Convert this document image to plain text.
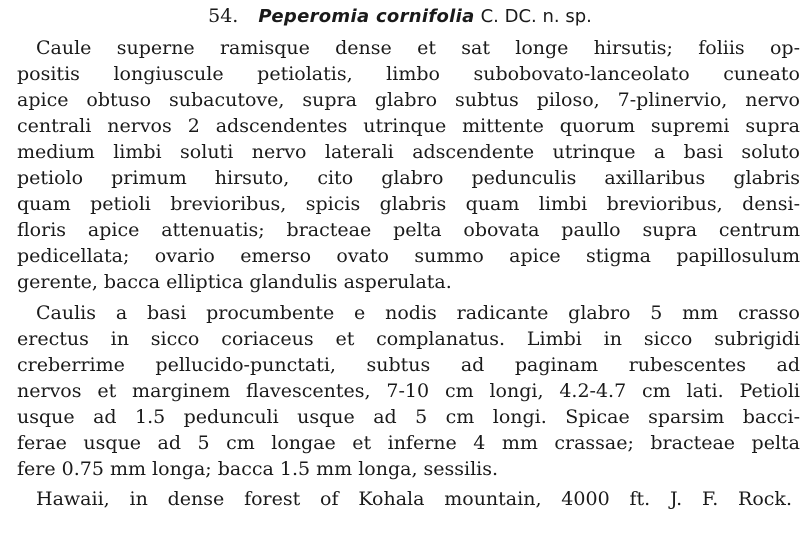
54. Peperomia cornifolia C. DC. n. sp.
Caule superne ramisque dense et sat longe hirsutis; foliis op-
positis longiuscule petiolatis, limbo subobovato-lanceolato cuneato
apice obtuso subacutove, supra glabro subtus piloso, 7-plinervio, nervo
centrali nervos 2 adscendentes utrinque mittente quorum supremi supra
medium limbi soluti nervo laterali adscendente utrinque a basi soluto
petiolo primum hirsuto, cito glabro pedunculis axillaribus glabris
quam petioli brevioribus, spicis glabris quam limbi brevioribus, densi-
floris apice attenuatis; bracteae pelta obovata paullo supra centrum
pedicellata; ovario emerso ovato summo apice stigma papillosulum
gerente, bacca elliptica glandulis asperulata.
Caulis a basi procumbente e nodis radicante glabro 5 mm crasso
erectus in sicco coriaceus et complanatus. Limbi in sicco subrigidi
creberrime pellucido-punctati, subtus ad paginam rubescentes ad
nervos et marginem flavescentes, 7-10 cm longi, 4.2-4.7 cm lati. Petioli
usque ad 1.5 pedunculi usque ad 5 cm longi. Spicae sparsim bacci-
ferae usque ad 5 cm longae et inferne 4 mm crassae; bracteae pelta
fere 0.75 mm longa; bacca 1.5 mm longa, sessilis.
Hawaii, in dense forest of Kohala mountain, 4000 ft. J. F. Rock.
